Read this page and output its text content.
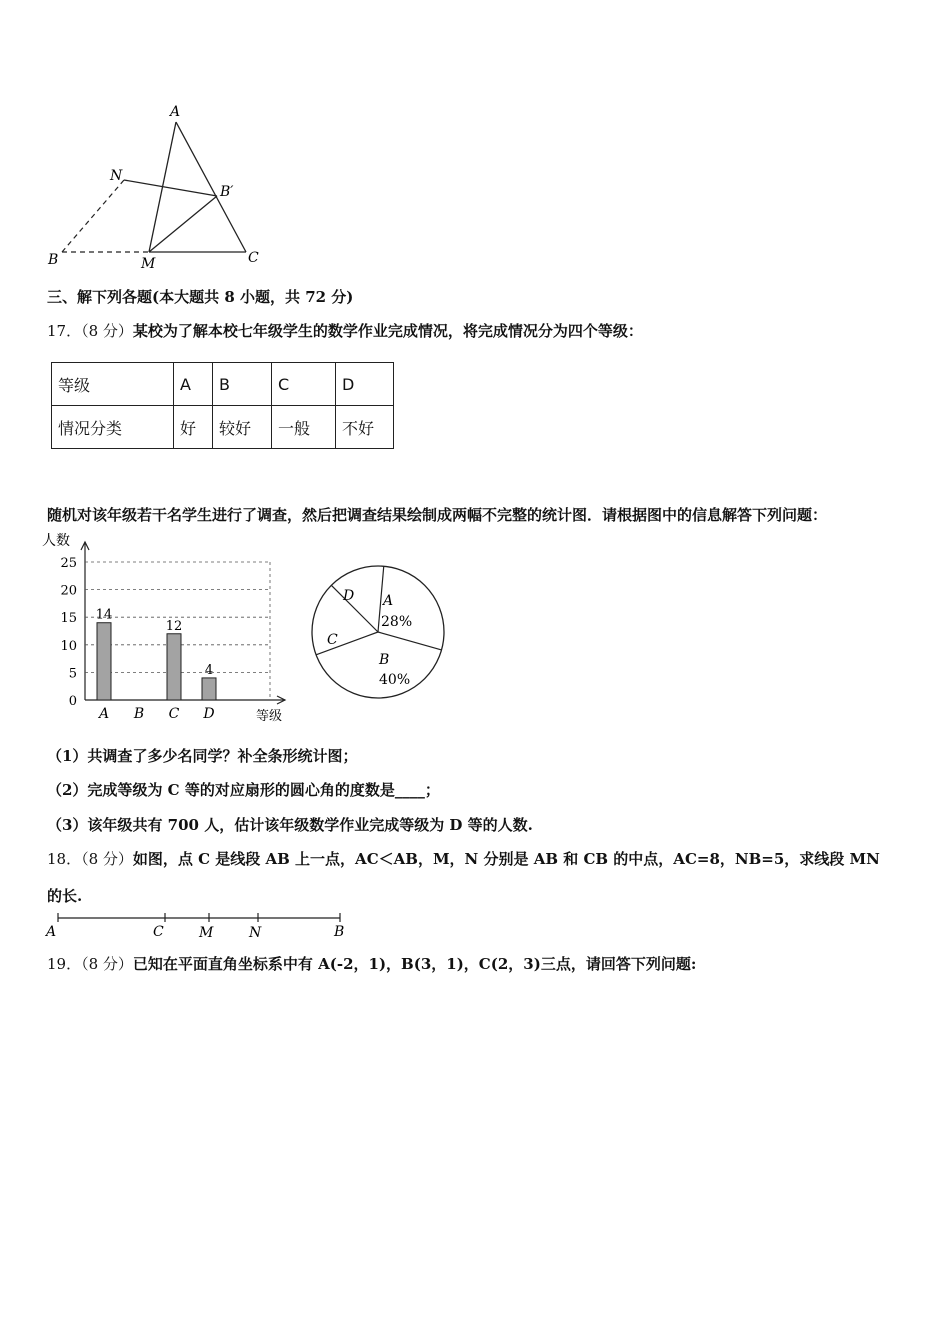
A
N
B′
B	M	C
三、解下列各题(本大题共 8 小题，共 72 分)
17．（8 分）某校为了解本校七年级学生的数学作业完成情况，将完成情况分为四个等级：
等级	A	B	C	D
情况分类	好	较好	一般	不好
随机对该年级若干名学生进行了调查，然后把调查结果绘制成两幅不完整的统计图．请根据图中的信息解答下列问题：
0
5
10
15
20
25
14
A B
12
C
4
D
人数
等级
A
28%
B
40%
C
D
（1）共调查了多少名同学？补全条形统计图；
（2）完成等级为 C 等的对应扇形的圆心角的度数是____；
（3）该年级共有 700 人，估计该年级数学作业完成等级为 D 等的人数.
18．（8 分）如图，点 C 是线段 AB 上一点，AC＜AB，M，N 分别是 AB 和 CB 的中点，AC=8，NB=5，求线段 MN
的长.
A	C	M	N	B
19．（8 分）已知在平面直角坐标系中有 A(-2，1)，B(3，1)，C(2，3)三点，请回答下列问题:
